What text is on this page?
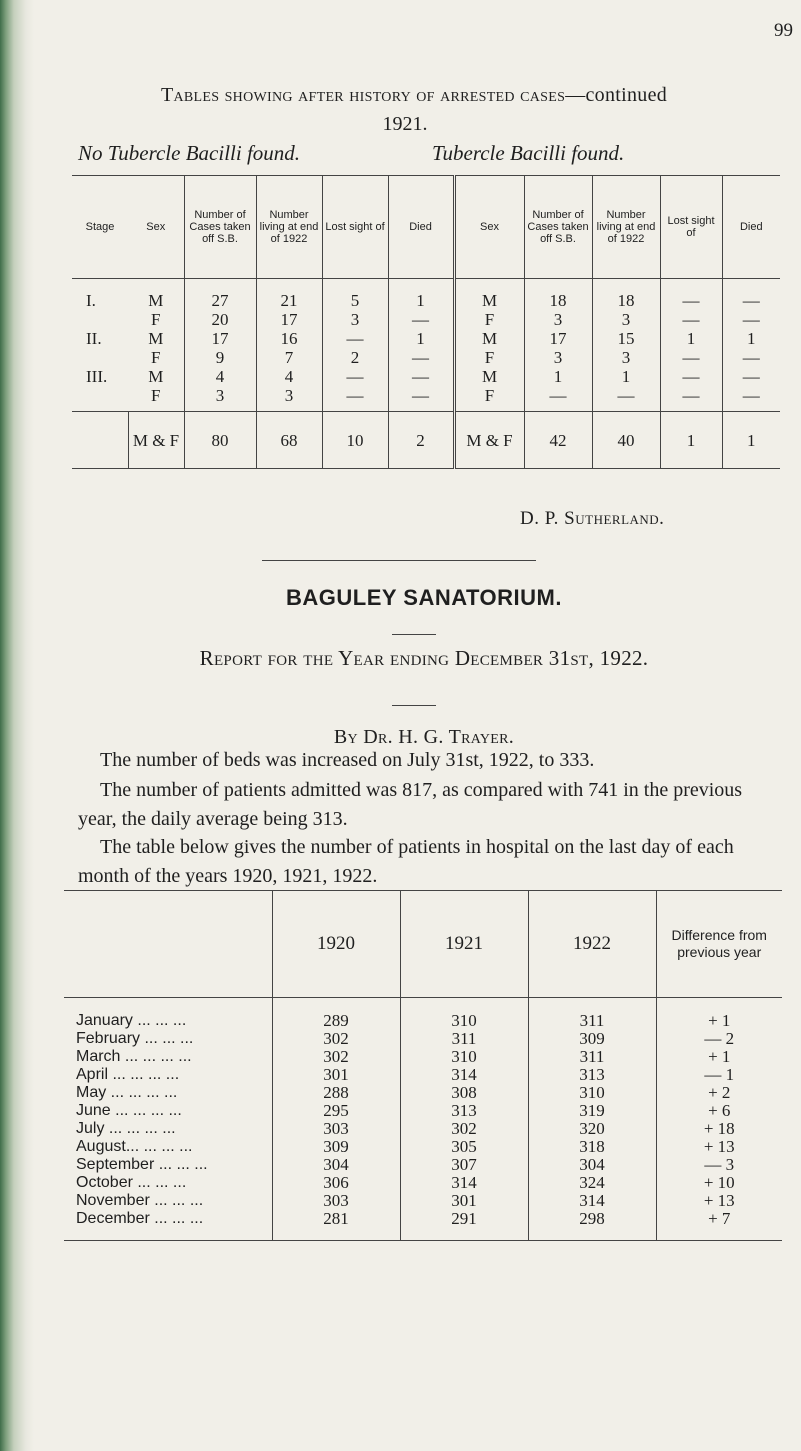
99
Tables showing after history of arrested cases—continued
1921.
No Tubercle Bacilli found.	Tubercle Bacilli found.
Stage	Sex	Number of Cases taken off S.B.	Number living at end of 1922	Lost sight of	Died	Sex	Number of Cases taken off S.B.	Number living at end of 1922	Lost sight of	Died
I.	M	27	21	5	1	M	18	18	—	—
	F	20	17	3	—	F	3	3	—	—
II.	M	17	16	—	1	M	17	15	1	1
	F	9	7	2	—	F	3	3	—	—
III.	M	4	4	—	—	M	1	1	—	—
	F	3	3	—	—	F	—	—	—	—
	M & F	80	68	10	2	M & F	42	40	1	1
D. P. Sutherland.
BAGULEY SANATORIUM.
Report for the Year ending December 31st, 1922.
By Dr. H. G. Trayer.

The number of beds was increased on July 31st, 1922, to 333.

The number of patients admitted was 817, as compared with 741 in the previous year, the daily average being 313.

The table below gives the number of patients in hospital on the last day of each month of the years 1920, 1921, 1922.

	1920	1921	1922	Difference from previous year
January ... ... ...	289	310	311	+ 1
February ... ... ...	302	311	309	— 2
March ... ... ... ...	302	310	311	+ 1
April ... ... ... ...	301	314	313	— 1
May ... ... ... ...	288	308	310	+ 2
June ... ... ... ...	295	313	319	+ 6
July ... ... ... ...	303	302	320	+ 18
August... ... ... ...	309	305	318	+ 13
September ... ... ...	304	307	304	— 3
October ... ... ...	306	314	324	+ 10
November ... ... ...	303	301	314	+ 13
December ... ... ...	281	291	298	+ 7
